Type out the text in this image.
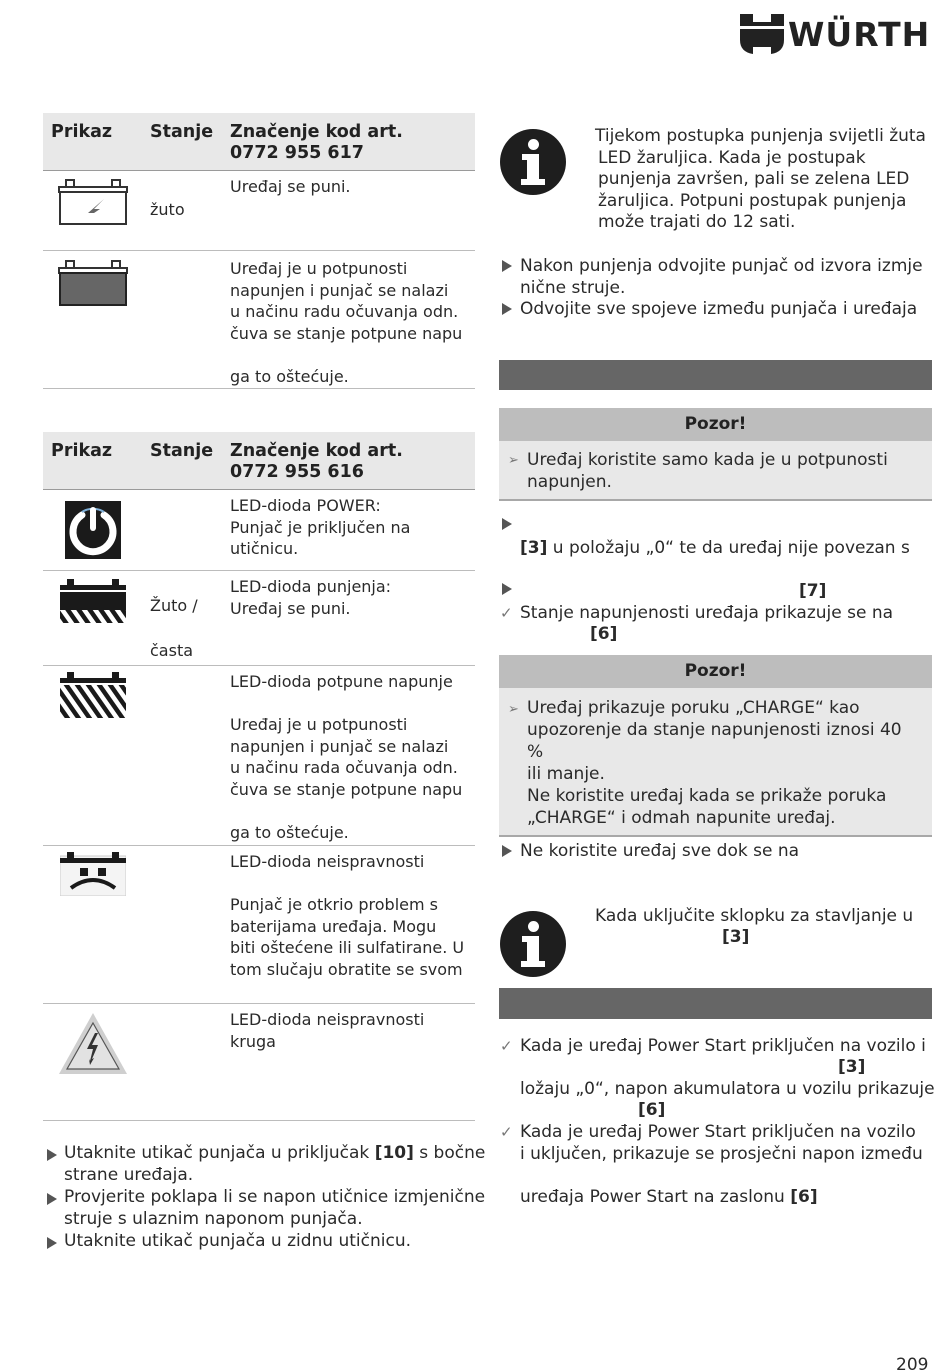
WÜRTH
Prikaz Stanje Značenje kod art.
0772 955 617
žuto
Uređaj se puni.
Uređaj je u potpunosti
napunjen i punjač se nalazi
u načinu radu očuvanja odn.
čuva se stanje potpune napu

ga to oštećuje.
Prikaz Stanje Značenje kod art.
0772 955 616
LED-dioda POWER:
Punjač je priključen na
utičnicu.
Žuto /
časta
LED-dioda punjenja:
Uređaj se puni.
LED-dioda potpune napunje

Uređaj je u potpunosti
napunjen i punjač se nalazi
u načinu rada očuvanja odn.
čuva se stanje potpune napu

ga to oštećuje.
LED-dioda neispravnosti

Punjač je otkrio problem s
baterijama uređaja. Mogu
biti oštećene ili sulfatirane. U
tom slučaju obratite se svom
LED-dioda neispravnosti kruga
Utaknite utikač punjača u priključak [10] s bočne
strane uređaja.
Provjerite poklapa li se napon utičnice izmjenične
struje s ulaznim naponom punjača.
Utaknite utikač punjača u zidnu utičnicu.
Tijekom postupka punjenja svijetli žuta
LED žaruljica. Kada je postupak
punjenja završen, pali se zelena LED
žaruljica. Potpuni postupak punjenja
može trajati do 12 sati.
Nakon punjenja odvojite punjač od izvora izmje
nične struje.
Odvojite sve spojeve između punjača i uređaja
Pozor!
➢ Uređaj koristite samo kada je u potpunosti
napunjen.
[3] u položaju „0“ te da uređaj nije povezan s
[7]
✓ Stanje napunjenosti uređaja prikazuje se na
[6]
Pozor!
➢ Uređaj prikazuje poruku „CHARGE“ kao
upozorenje da stanje napunjenosti iznosi 40 %
ili manje.
Ne koristite uređaj kada se prikaže poruka
„CHARGE“ i odmah napunite uređaj.
Ne koristite uređaj sve dok se na
Kada uključite sklopku za stavljanje u
[3]
✓ Kada je uređaj Power Start priključen na vozilo i
[3]
ložaju „0“, napon akumulatora u vozilu prikazuje
[6]
✓ Kada je uređaj Power Start priključen na vozilo
i uključen, prikazuje se prosječni napon između
uređaja Power Start na zaslonu [6]
209
